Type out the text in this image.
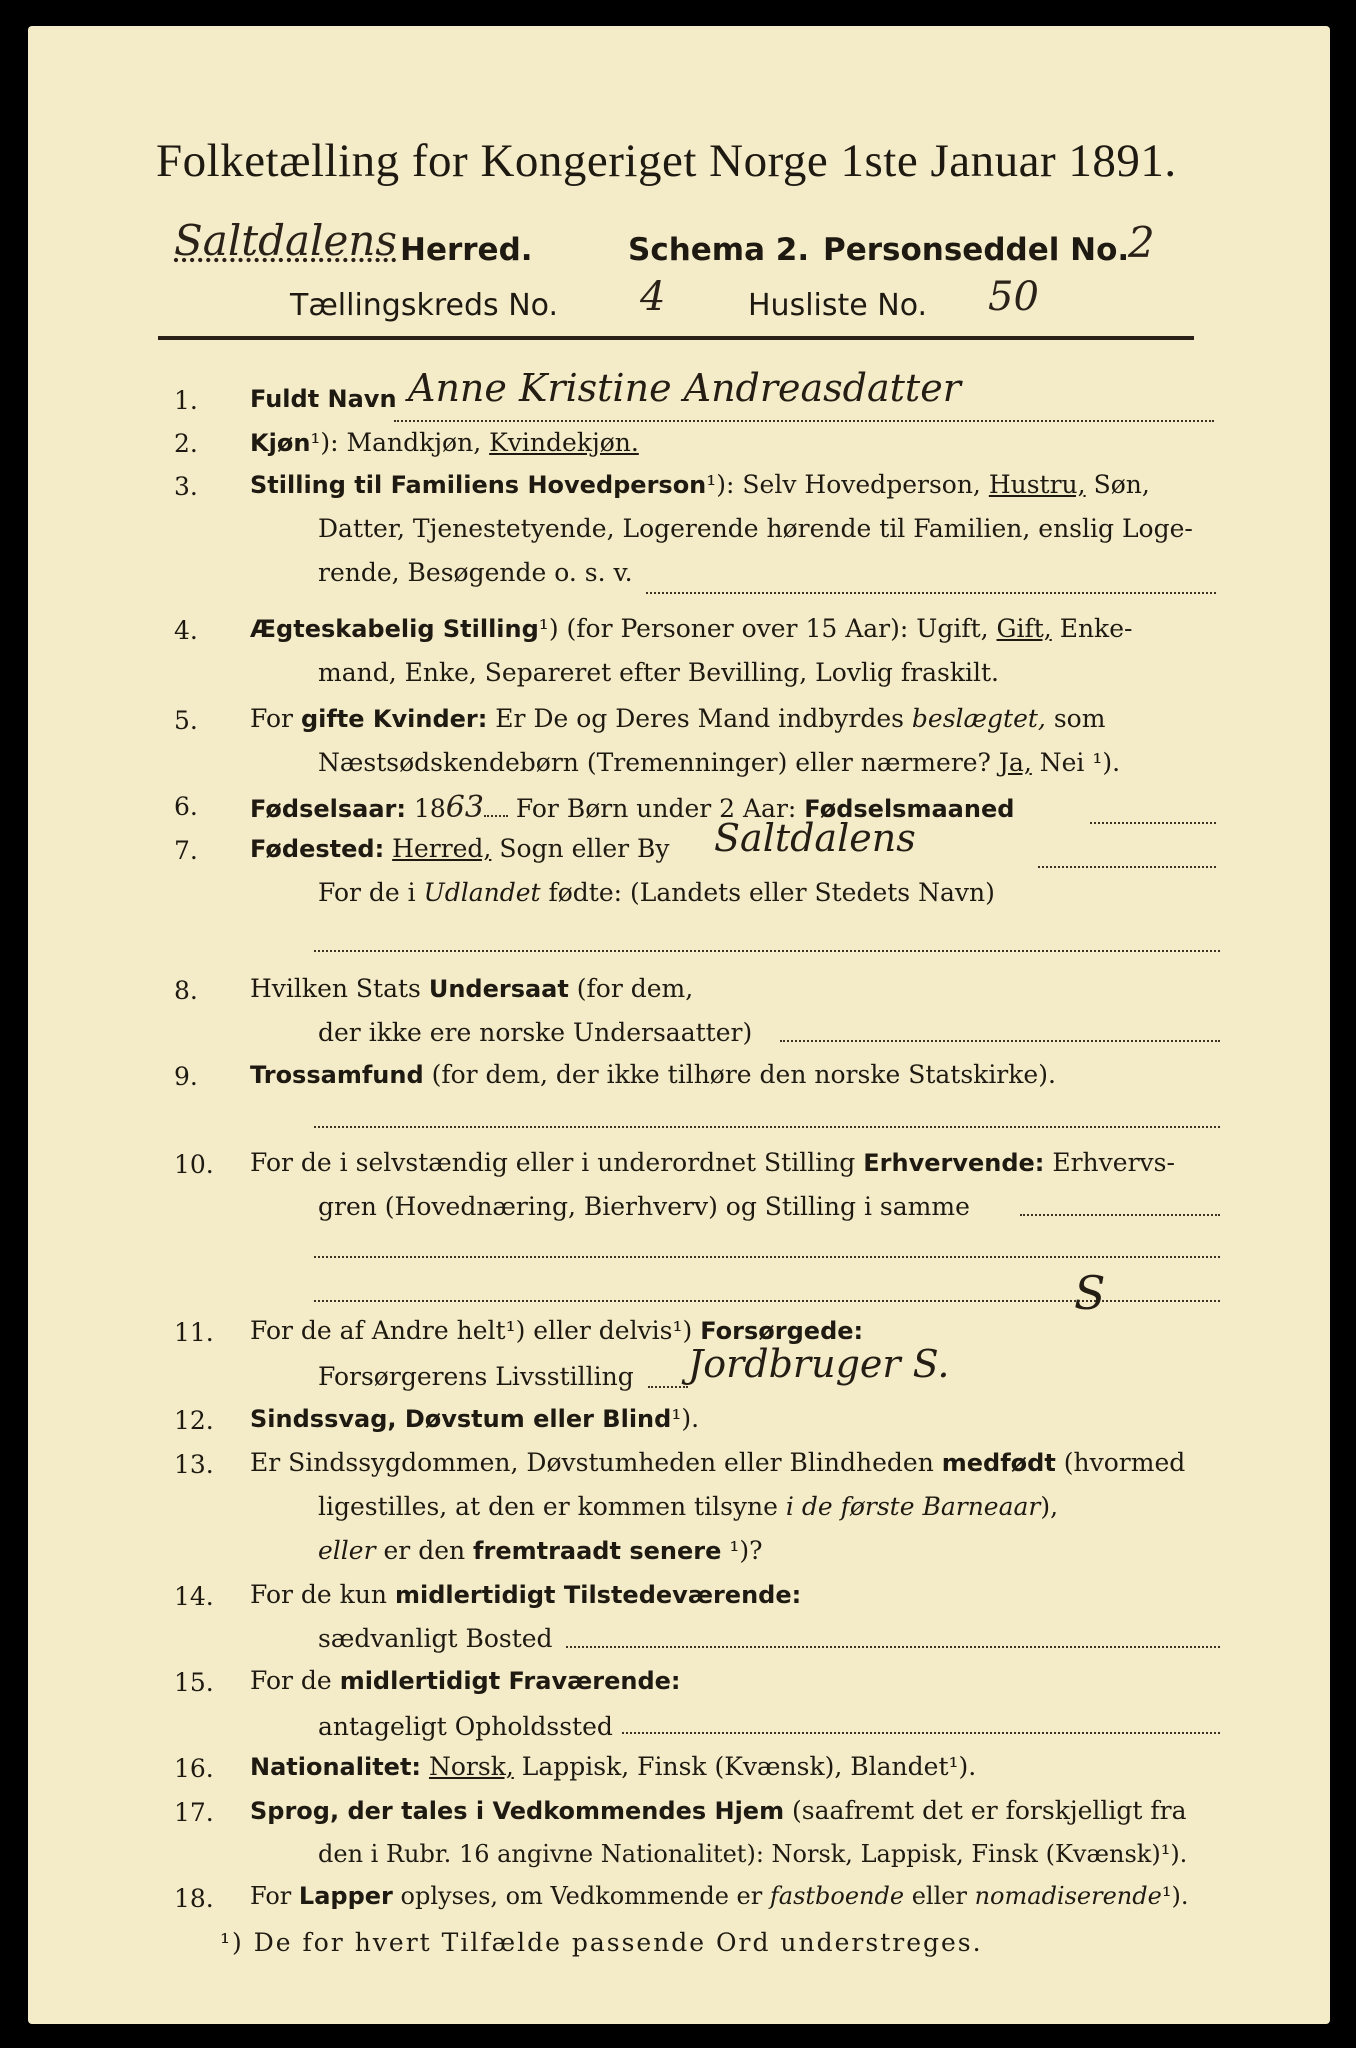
Folketælling for Kongeriget Norge 1ste Januar 1891.
Saltdalens Herred.	Schema 2. Personseddel No.
2
Tællingskreds No. 4	Husliste No. 50
1.	Fuldt Navn Anne Kristine Andreasdatter
2.	Kjøn¹): Mandkjøn, Kvindekjøn.
3.	Stilling til Familiens Hovedperson¹): Selv Hovedperson, Hustru, Søn,
Datter, Tjenestetyende, Logerende hørende til Familien, enslig Loge-
rende, Besøgende o. s. v.
4.	Ægteskabelig Stilling¹) (for Personer over 15 Aar): Ugift, Gift, Enke-
mand, Enke, Separeret efter Bevilling, Lovlig fraskilt.
5.	For gifte Kvinder: Er De og Deres Mand indbyrdes beslægtet, som
Næstsødskendebørn (Tremenninger) eller nærmere? Ja, Nei ¹).
6.	Fødselsaar: 1863 For Børn under 2 Aar: Fødselsmaaned
7.	Fødested: Herred, Sogn eller By Saltdalens
For de i Udlandet fødte: (Landets eller Stedets Navn)
8.	Hvilken Stats Undersaat (for dem,
der ikke ere norske Undersaatter)
9.	Trossamfund (for dem, der ikke tilhøre den norske Statskirke).
10.	For de i selvstændig eller i underordnet Stilling Erhvervende: Erhvervs-
gren (Hovednæring, Bierhverv) og Stilling i samme
11.	For de af Andre helt¹) eller delvis¹) Forsørgede:
S
Forsørgerens Livsstilling Jordbruger S.
12.	Sindssvag, Døvstum eller Blind¹).
13.	Er Sindssygdommen, Døvstumheden eller Blindheden medfødt (hvormed
ligestilles, at den er kommen tilsyne i de første Barneaar),
eller er den fremtraadt senere ¹)?
14.	For de kun midlertidigt Tilstedeværende:
sædvanligt Bosted
15.	For de midlertidigt Fraværende:
antageligt Opholdssted
16.	Nationalitet: Norsk, Lappisk, Finsk (Kvænsk), Blandet¹).
17.	Sprog, der tales i Vedkommendes Hjem (saafremt det er forskjelligt fra
den i Rubr. 16 angivne Nationalitet): Norsk, Lappisk, Finsk (Kvænsk)¹).
18.	For Lapper oplyses, om Vedkommende er fastboende eller nomadiserende¹).
¹) De for hvert Tilfælde passende Ord understreges.
